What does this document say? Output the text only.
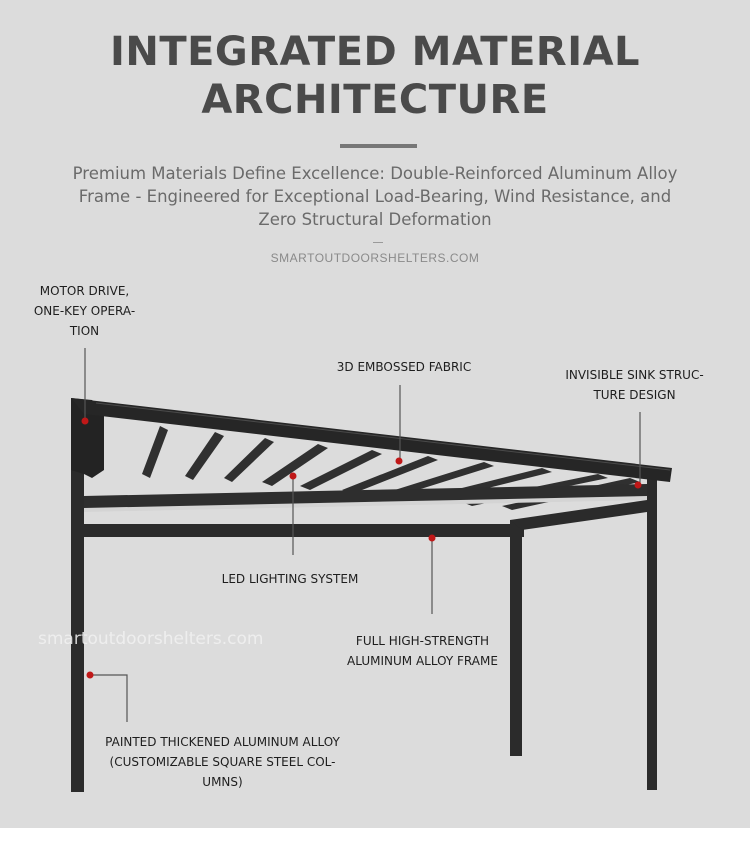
INTEGRATED MATERIAL
ARCHITECTURE
Premium Materials Define Excellence: Double-Reinforced Aluminum Alloy Frame - Engineered for Exceptional Load-Bearing, Wind Resistance, and Zero Structural Deformation
SMARTOUTDOORSHELTERS.COM
smartoutdoorshelters.com
MOTOR DRIVE,
ONE-KEY OPERA-
TION
3D EMBOSSED FABRIC
INVISIBLE SINK STRUC-
TURE DESIGN
LED LIGHTING SYSTEM
FULL HIGH-STRENGTH
ALUMINUM ALLOY FRAME
PAINTED THICKENED ALUMINUM ALLOY
(CUSTOMIZABLE SQUARE STEEL COL-
UMNS)
